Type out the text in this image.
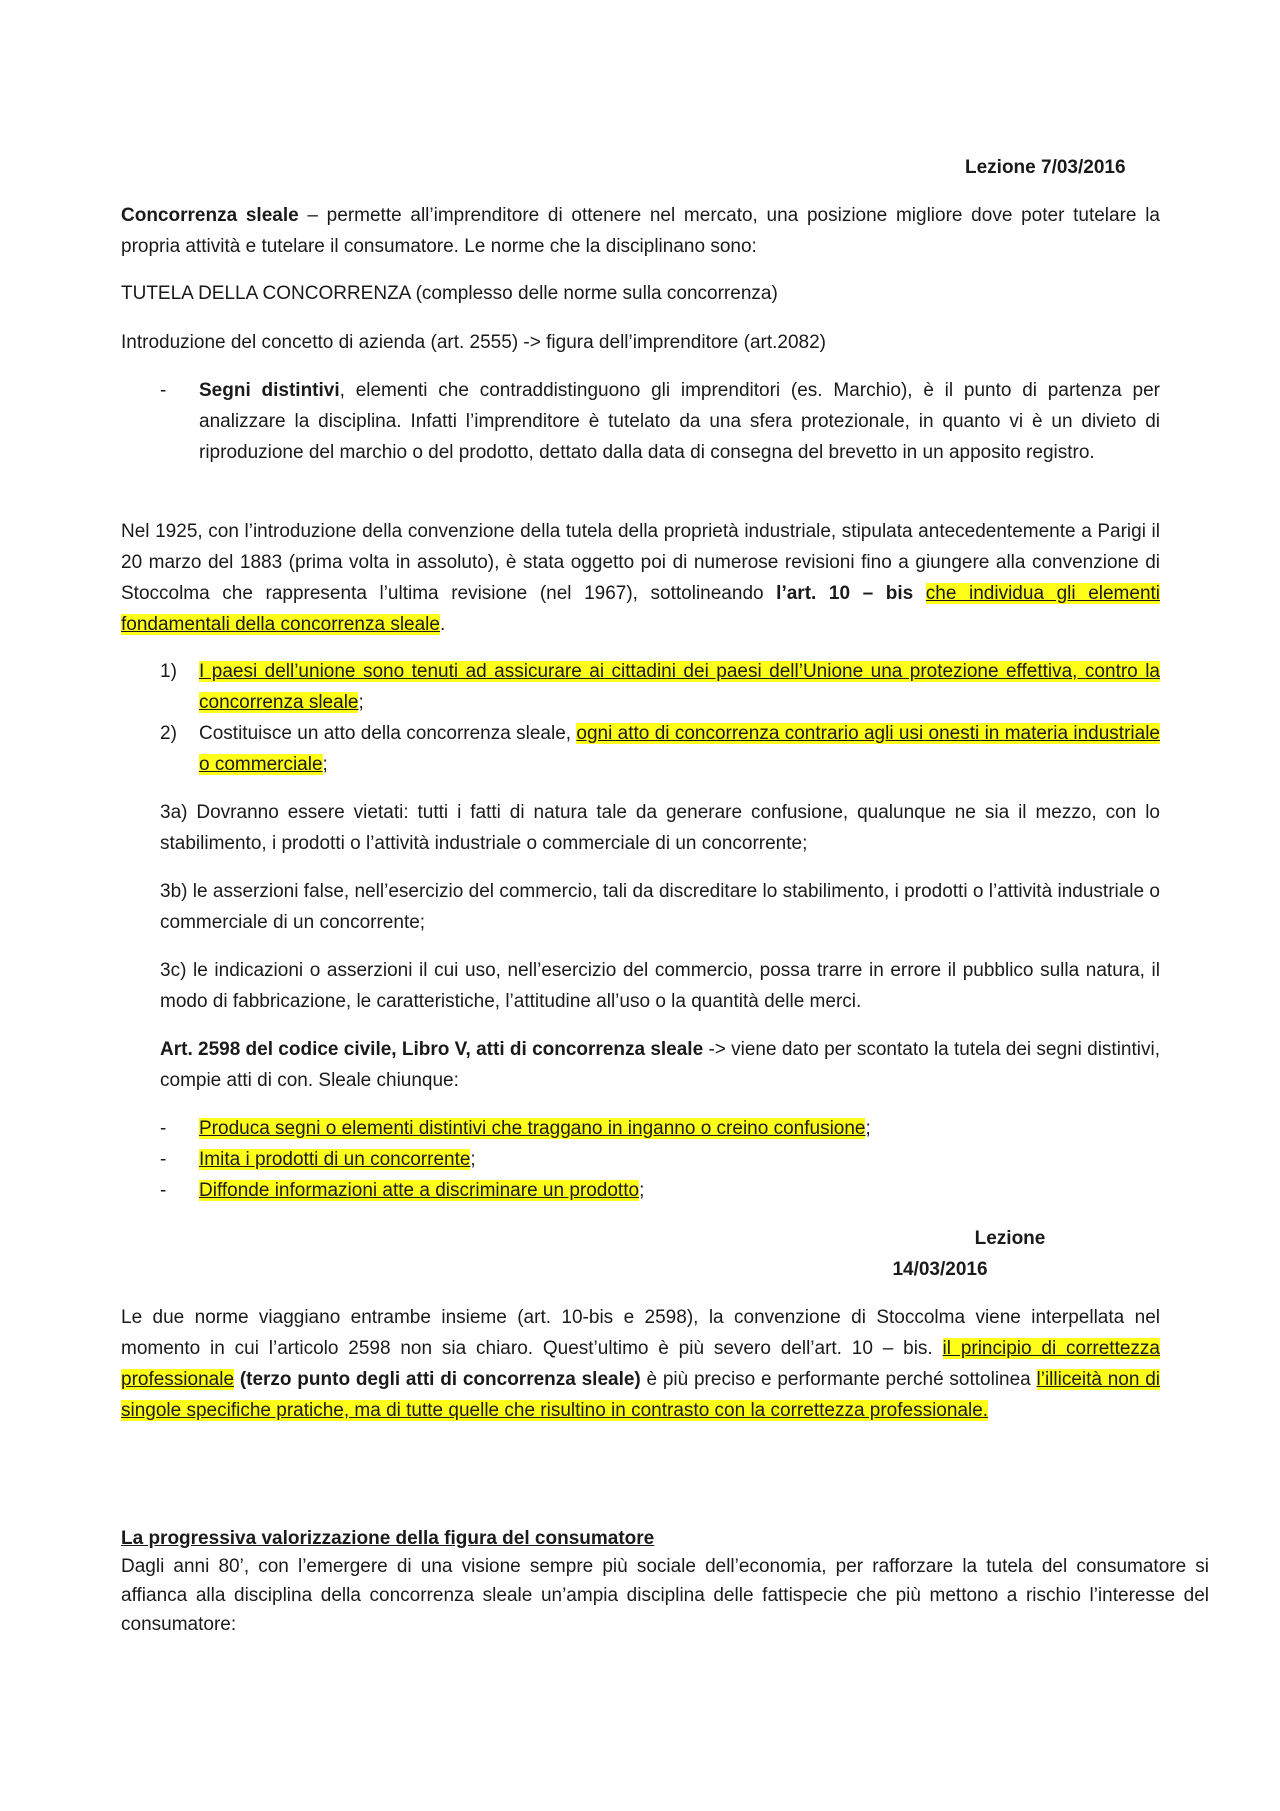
Lezione 7/03/2016

Concorrenza sleale – permette all’imprenditore di ottenere nel mercato, una posizione migliore dove poter tutelare la propria attività e tutelare il consumatore. Le norme che la disciplinano sono:

TUTELA DELLA CONCORRENZA (complesso delle norme sulla concorrenza)

Introduzione del concetto di azienda (art. 2555) -> figura dell’imprenditore (art.2082)

- Segni distintivi, elementi che contraddistinguono gli imprenditori (es. Marchio), è il punto di partenza per analizzare la disciplina. Infatti l’imprenditore è tutelato da una sfera protezionale, in quanto vi è un divieto di riproduzione del marchio o del prodotto, dettato dalla data di consegna del brevetto in un apposito registro.

Nel 1925, con l’introduzione della convenzione della tutela della proprietà industriale, stipulata antecedentemente a Parigi il 20 marzo del 1883 (prima volta in assoluto), è stata oggetto poi di numerose revisioni fino a giungere alla convenzione di Stoccolma che rappresenta l’ultima revisione (nel 1967), sottolineando l’art. 10 – bis che individua gli elementi fondamentali della concorrenza sleale.

1) I paesi dell’unione sono tenuti ad assicurare ai cittadini dei paesi dell’Unione una protezione effettiva, contro la concorrenza sleale;

2) Costituisce un atto della concorrenza sleale, ogni atto di concorrenza contrario agli usi onesti in materia industriale o commerciale;

3a) Dovranno essere vietati: tutti i fatti di natura tale da generare confusione, qualunque ne sia il mezzo, con lo stabilimento, i prodotti o l’attività industriale o commerciale di un concorrente;

3b) le asserzioni false, nell’esercizio del commercio, tali da discreditare lo stabilimento, i prodotti o l’attività industriale o commerciale di un concorrente;

3c) le indicazioni o asserzioni il cui uso, nell’esercizio del commercio, possa trarre in errore il pubblico sulla natura, il modo di fabbricazione, le caratteristiche, l’attitudine all’uso o la quantità delle merci.

Art. 2598 del codice civile, Libro V, atti di concorrenza sleale -> viene dato per scontato la tutela dei segni distintivi, compie atti di con. Sleale chiunque:

- Produca segni o elementi distintivi che traggano in inganno o creino confusione;
- Imita i prodotti di un concorrente;
- Diffonde informazioni atte a discriminare un prodotto;

Lezione

14/03/2016

Le due norme viaggiano entrambe insieme (art. 10-bis e 2598), la convenzione di Stoccolma viene interpellata nel momento in cui l’articolo 2598 non sia chiaro. Quest’ultimo è più severo dell’art. 10 – bis. il principio di correttezza professionale (terzo punto degli atti di concorrenza sleale) è più preciso e performante perché sottolinea l’illiceità non di singole specifiche pratiche, ma di tutte quelle che risultino in contrasto con la correttezza professionale.

La progressiva valorizzazione della figura del consumatore

Dagli anni 80’, con l’emergere di una visione sempre più sociale dell’economia, per rafforzare la tutela del consumatore si affianca alla disciplina della concorrenza sleale un’ampia disciplina delle fattispecie che più mettono a rischio l’interesse del consumatore:
